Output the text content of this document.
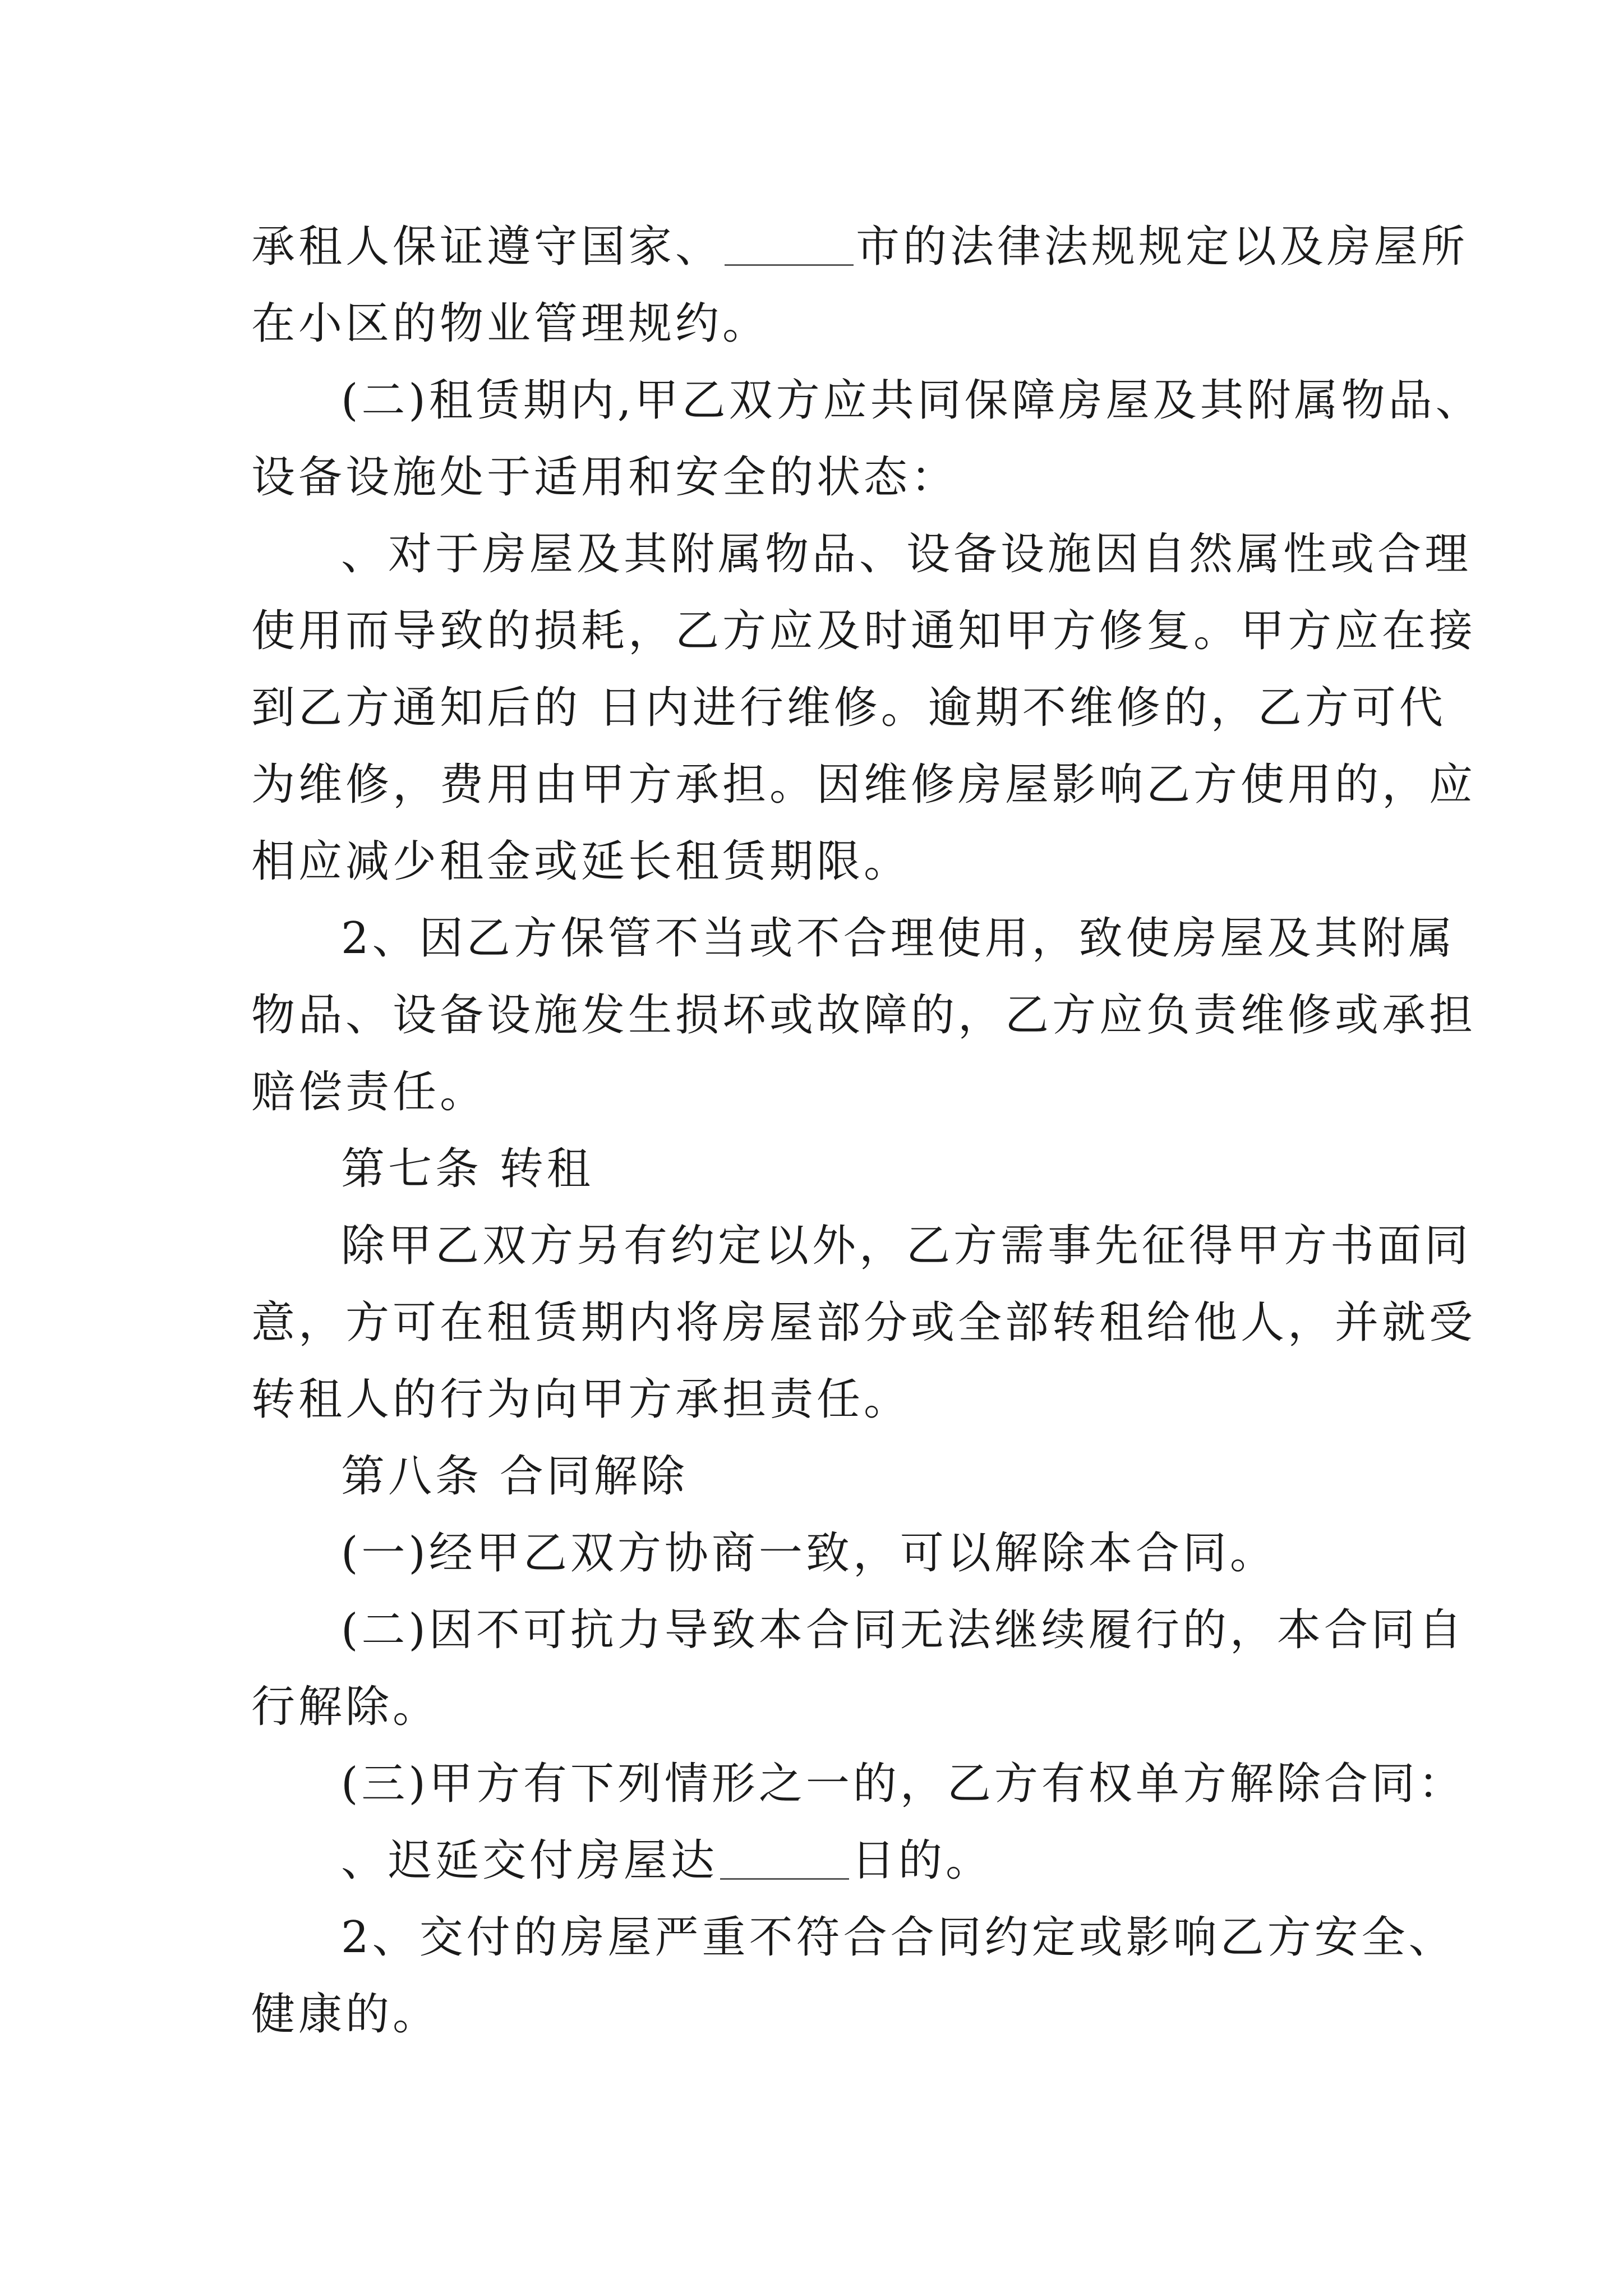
承租人保证遵守国家、	市的法律法规规定以及房屋所
在小区的物业管理规约。
(二)租赁期内,甲乙双方应共同保障房屋及其附属物品、
设备设施处于适用和安全的状态：
、对于房屋及其附属物品、设备设施因自然属性或合理
使用而导致的损耗，乙方应及时通知甲方修复。甲方应在接
到乙方通知后的 日内进行维修。逾期不维修的，乙方可代
为维修，费用由甲方承担。因维修房屋影响乙方使用的，应
相应减少租金或延长租赁期限。
2、因乙方保管不当或不合理使用，致使房屋及其附属
物品、设备设施发生损坏或故障的，乙方应负责维修或承担
赔偿责任。
第七条 转租
除甲乙双方另有约定以外，乙方需事先征得甲方书面同
意，方可在租赁期内将房屋部分或全部转租给他人，并就受
转租人的行为向甲方承担责任。
第八条 合同解除
(一)经甲乙双方协商一致，可以解除本合同。
(二)因不可抗力导致本合同无法继续履行的，本合同自
行解除。
(三)甲方有下列情形之一的，乙方有权单方解除合同：
、迟延交付房屋达	日的。
2、交付的房屋严重不符合合同约定或影响乙方安全、
健康的。
